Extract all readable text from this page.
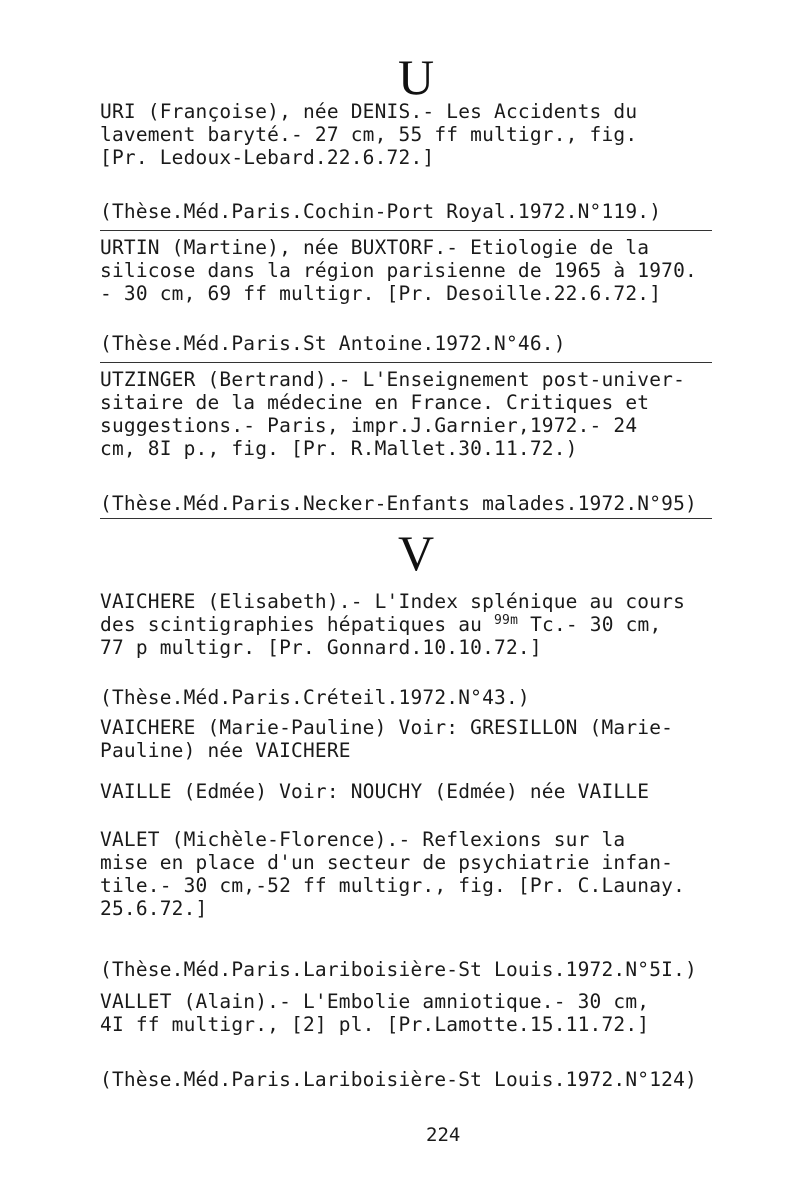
U
URI (Françoise), née DENIS.- Les Accidents du
lavement baryté.- 27 cm, 55 ff multigr., fig.
[Pr. Ledoux-Lebard.22.6.72.]
(Thèse.Méd.Paris.Cochin-Port Royal.1972.N°119.)
URTIN (Martine), née BUXTORF.- Etiologie de la
silicose dans la région parisienne de 1965 à 1970.
- 30 cm, 69 ff multigr. [Pr. Desoille.22.6.72.]
(Thèse.Méd.Paris.St Antoine.1972.N°46.)
UTZINGER (Bertrand).- L'Enseignement post-univer-
sitaire de la médecine en France. Critiques et
suggestions.- Paris, impr.J.Garnier,1972.- 24
cm, 8I p., fig. [Pr. R.Mallet.30.11.72.)
(Thèse.Méd.Paris.Necker-Enfants malades.1972.N°95)
V
VAICHERE (Elisabeth).- L'Index splénique au cours
des scintigraphies hépatiques au $^{99m}$ Tc.- 30 cm,
77 p multigr. [Pr. Gonnard.10.10.72.]
(Thèse.Méd.Paris.Créteil.1972.N°43.)
VAICHERE (Marie-Pauline) Voir: GRESILLON (Marie-
Pauline) née VAICHERE
VAILLE (Edmée) Voir: NOUCHY (Edmée) née VAILLE
VALET (Michèle-Florence).- Reflexions sur la
mise en place d'un secteur de psychiatrie infan-
tile.- 30 cm,-52 ff multigr., fig. [Pr. C.Launay.
25.6.72.]
(Thèse.Méd.Paris.Lariboisière-St Louis.1972.N°5I.)
VALLET (Alain).- L'Embolie amniotique.- 30 cm,
4I ff multigr., [2] pl. [Pr.Lamotte.15.11.72.]
(Thèse.Méd.Paris.Lariboisière-St Louis.1972.N°124)
224
